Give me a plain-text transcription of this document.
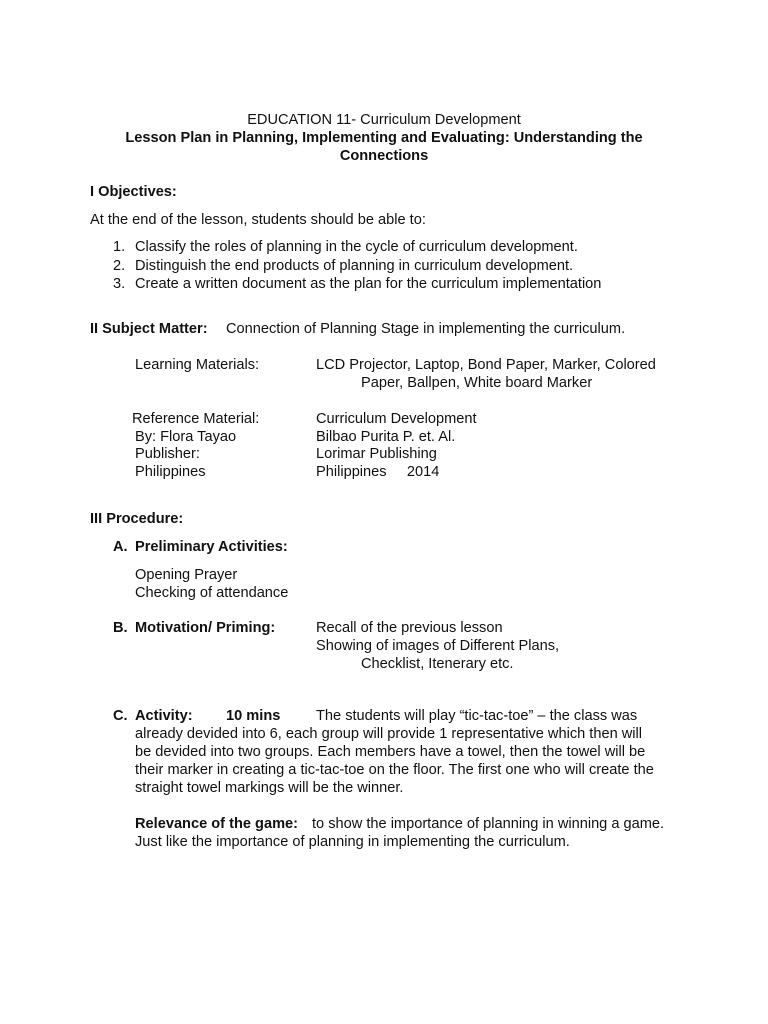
EDUCATION 11- Curriculum Development
Lesson Plan in Planning, Implementing and Evaluating: Understanding the
Connections
I Objectives:
At the end of the lesson, students should be able to:
1. Classify the roles of planning in the cycle of curriculum development.
2. Distinguish the end products of planning in curriculum development.
3. Create a written document as the plan for the curriculum implementation
II Subject Matter: Connection of Planning Stage in implementing the curriculum.
Learning Materials:	LCD Projector, Laptop, Bond Paper, Marker, Colored
Paper, Ballpen, White board Marker
Reference Material:	Curriculum Development
By: Flora Tayao	Bilbao Purita P. et. Al.
Publisher:	Lorimar Publishing
Philippines	Philippines     2014
III Procedure:
A. Preliminary Activities:
Opening Prayer
Checking of attendance
B. Motivation/ Priming:	Recall of the previous lesson
Showing of images of Different Plans,
Checklist, Itenerary etc.
C. Activity: 10 mins The students will play “tic-tac-toe” – the class was
already devided into 6, each group will provide 1 representative which then will
be devided into two groups. Each members have a towel, then the towel will be
their marker in creating a tic-tac-toe on the floor. The first one who will create the
straight towel markings will be the winner.
Relevance of the game: to show the importance of planning in winning a game.
Just like the importance of planning in implementing the curriculum.
